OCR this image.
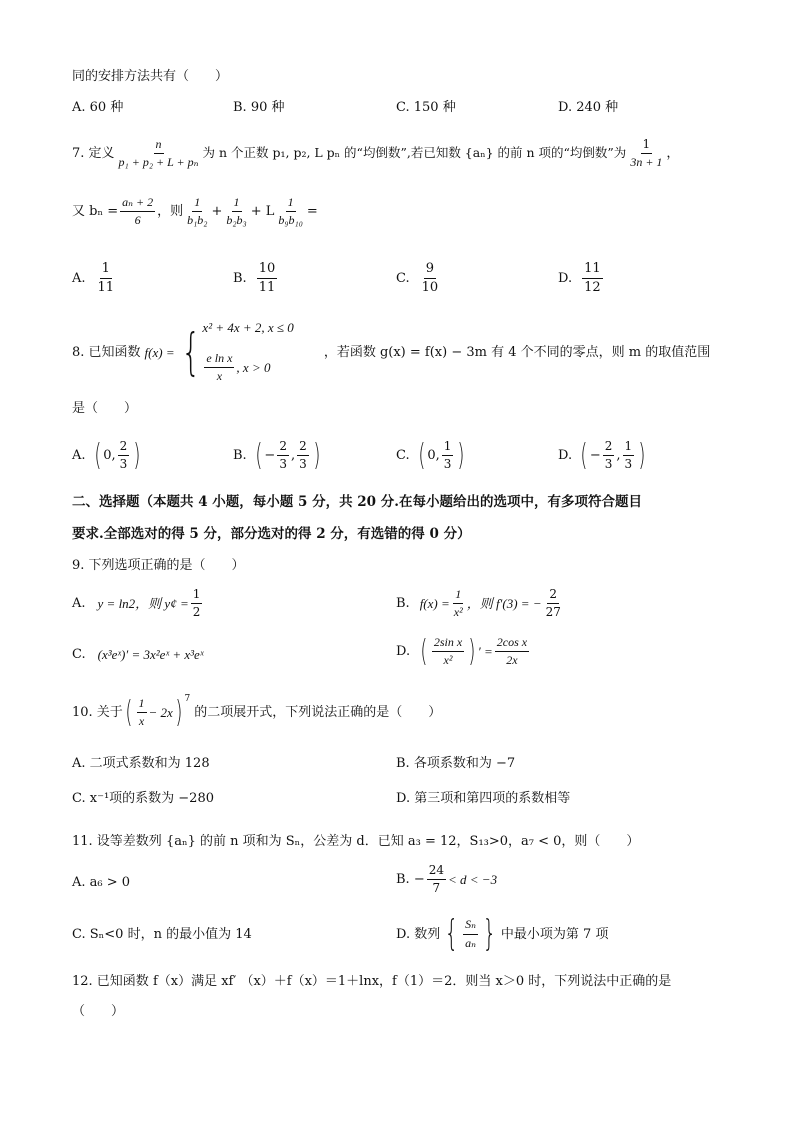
同的安排方法共有（　　）
A. 60 种	B. 90 种	C. 150 种	D. 240 种
7. 定义 $\frac{n}{\text{p₁ + p₂ + L + pₙ}}$ 为 n 个正数 p₁, p₂, L pₙ 的“均倒数”,若已知数 {aₙ} 的前 n 项的“均倒数”为 $\frac{1}{3n + 1}$ ，
又 $b_n = \frac{\text{aₙ + 2}}{6}$ ，则 $\frac{1}{\text{b₁b₂}} + \frac{1}{\text{b₂b₃}} + L \frac{1}{\text{b₉b₁₀}}$ =
A. $\frac{1}{11}$	B. $\frac{10}{11}$	C. $\frac{9}{10}$	D. $\frac{11}{12}$
8. 已知函数 f(x) = { x² + 4x + 2, x ≤ 0
$\frac{\text{e ln x}}{x}$ , x > 0
，若函数 g(x) = f(x) − 3m 有 4 个不同的零点，则 m 的取值范围
是（　　）
A. ( 0, $\frac{2}{3}$ )	B. ( − $\frac{2}{3}$ , $\frac{2}{3}$ )	C. ( 0, $\frac{1}{3}$ )	D. ( − $\frac{2}{3}$ , $\frac{1}{3}$ )
二、选择题（本题共 4 小题，每小题 5 分，共 20 分.在每小题给出的选项中，有多项符合题目
要求.全部选对的得 5 分，部分选对的得 2 分，有选错的得 0 分）
9. 下列选项正确的是（　　）
A. y = ln2，则 y¢ = $\frac{1}{2}$	B. $f(x) = \frac{1}{\text{x²}}$ ，则 f′(3) = − $\frac{2}{27}$
C. (x³eˣ)′ = 3x²eˣ + x³eˣ	D. ( $\frac{\text{2sin x}}{\text{x²}}$ ) ′ = $\frac{\text{2cos x}}{2x}$
10. 关于 ( $\frac{1}{x} - 2x$ ) 7
的二项展开式，下列说法正确的是（　　）
A. 二项式系数和为 128	B. 各项系数和为 −7
C. x⁻¹项的系数为 −280	D. 第三项和第四项的系数相等
11. 设等差数列 {aₙ} 的前 n 项和为 Sₙ，公差为 d．已知 a₃ = 12，S₁₃>0，a₇ < 0，则（　　）
A. a₆ > 0	B. − $\frac{24}{7} < d < -3$
C. Sₙ<0 时，n 的最小值为 14	D. 数列 { $\frac{\text{Sₙ}}{\text{aₙ}}$ } 中最小项为第 7 项
12. 已知函数 f（x）满足 xf′ （x）＋f（x）＝1＋lnx，f（1）＝2．则当 x＞0 时，下列说法中正确的是
（　　）
